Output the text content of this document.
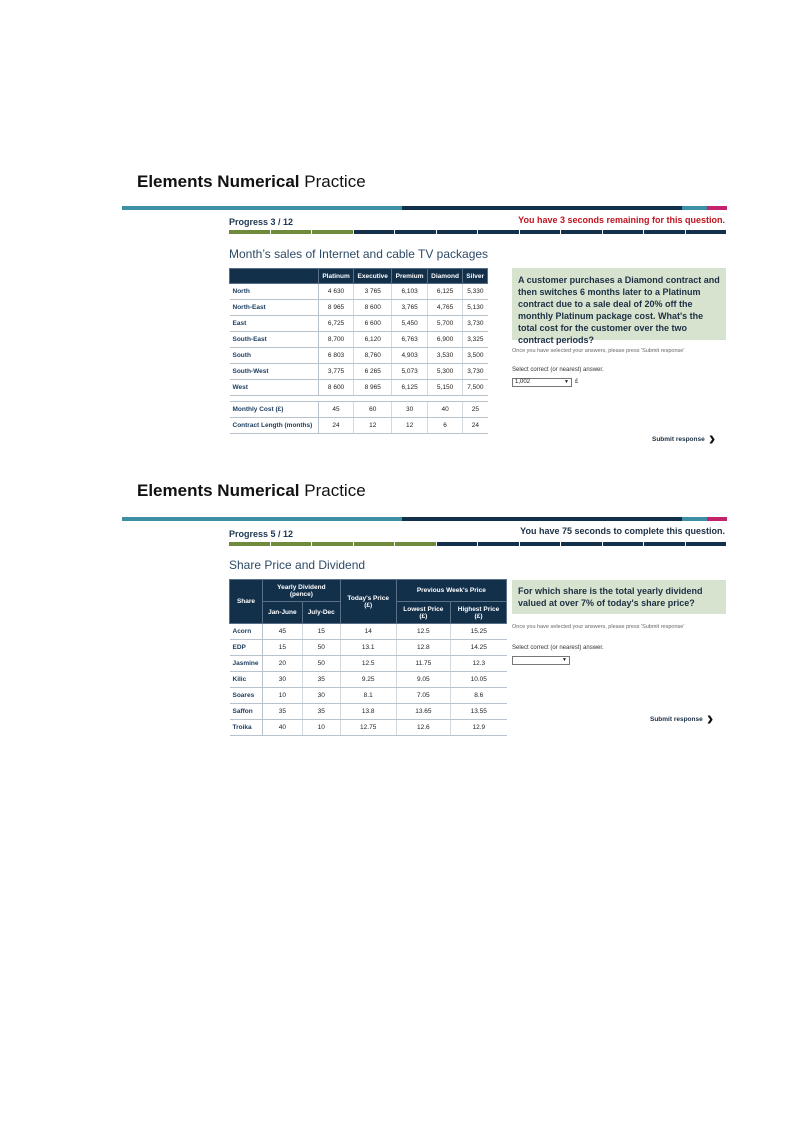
Elements Numerical Practice
Progress 3 / 12	You have 3 seconds remaining for this question.
Month’s sales of Internet and cable TV packages
	Platinum	Executive	Premium	Diamond	Silver
North	4 630	3 765	6,103	6,125	5,330
North-East	8 965	8 600	3,765	4,765	5,130
East	6,725	6 600	5,450	5,700	3,730
South-East	8,700	6,120	6,763	6,900	3,325
South	6 803	8,760	4,903	3,530	3,500
South-West	3,775	6 265	5,073	5,300	3,730
West	8 600	8 965	6,125	5,150	7,500

Monthly Cost (£)	45	60	30	40	25
Contract Length (months)	24	12	12	6	24
A customer purchases a Diamond contract and then switches 6 months later to a Platinum contract due to a sale deal of 20% off the monthly Platinum package cost. What's the total cost for the customer over the two contract periods?
Once you have selected your answers, please press 'Submit response'
Select correct (or nearest) answer.
1,002	▼ £
Submit response ›
Elements Numerical Practice
Progress 5 / 12	You have 75 seconds to complete this question.
Share Price and Dividend
Share	Yearly Dividend (pence)		Today's Price (£)	Previous Week's Price	
	Jan-June	July-Dec		Lowest Price (£)	Highest Price (£)
Acorn	45	15	14	12.5	15.25
EDP	15	50	13.1	12.8	14.25
Jasmine	20	50	12.5	11.75	12.3
Kilic	30	35	9.25	9.05	10.05
Soares	10	30	8.1	7.05	8.6
Saffon	35	35	13.8	13.65	13.55
Troika	40	10	12.75	12.6	12.9
For which share is the total yearly dividend valued at over 7% of today's share price?
Once you have selected your answers, please press 'Submit response'
Select correct (or nearest) answer.
▼
Submit response ›
